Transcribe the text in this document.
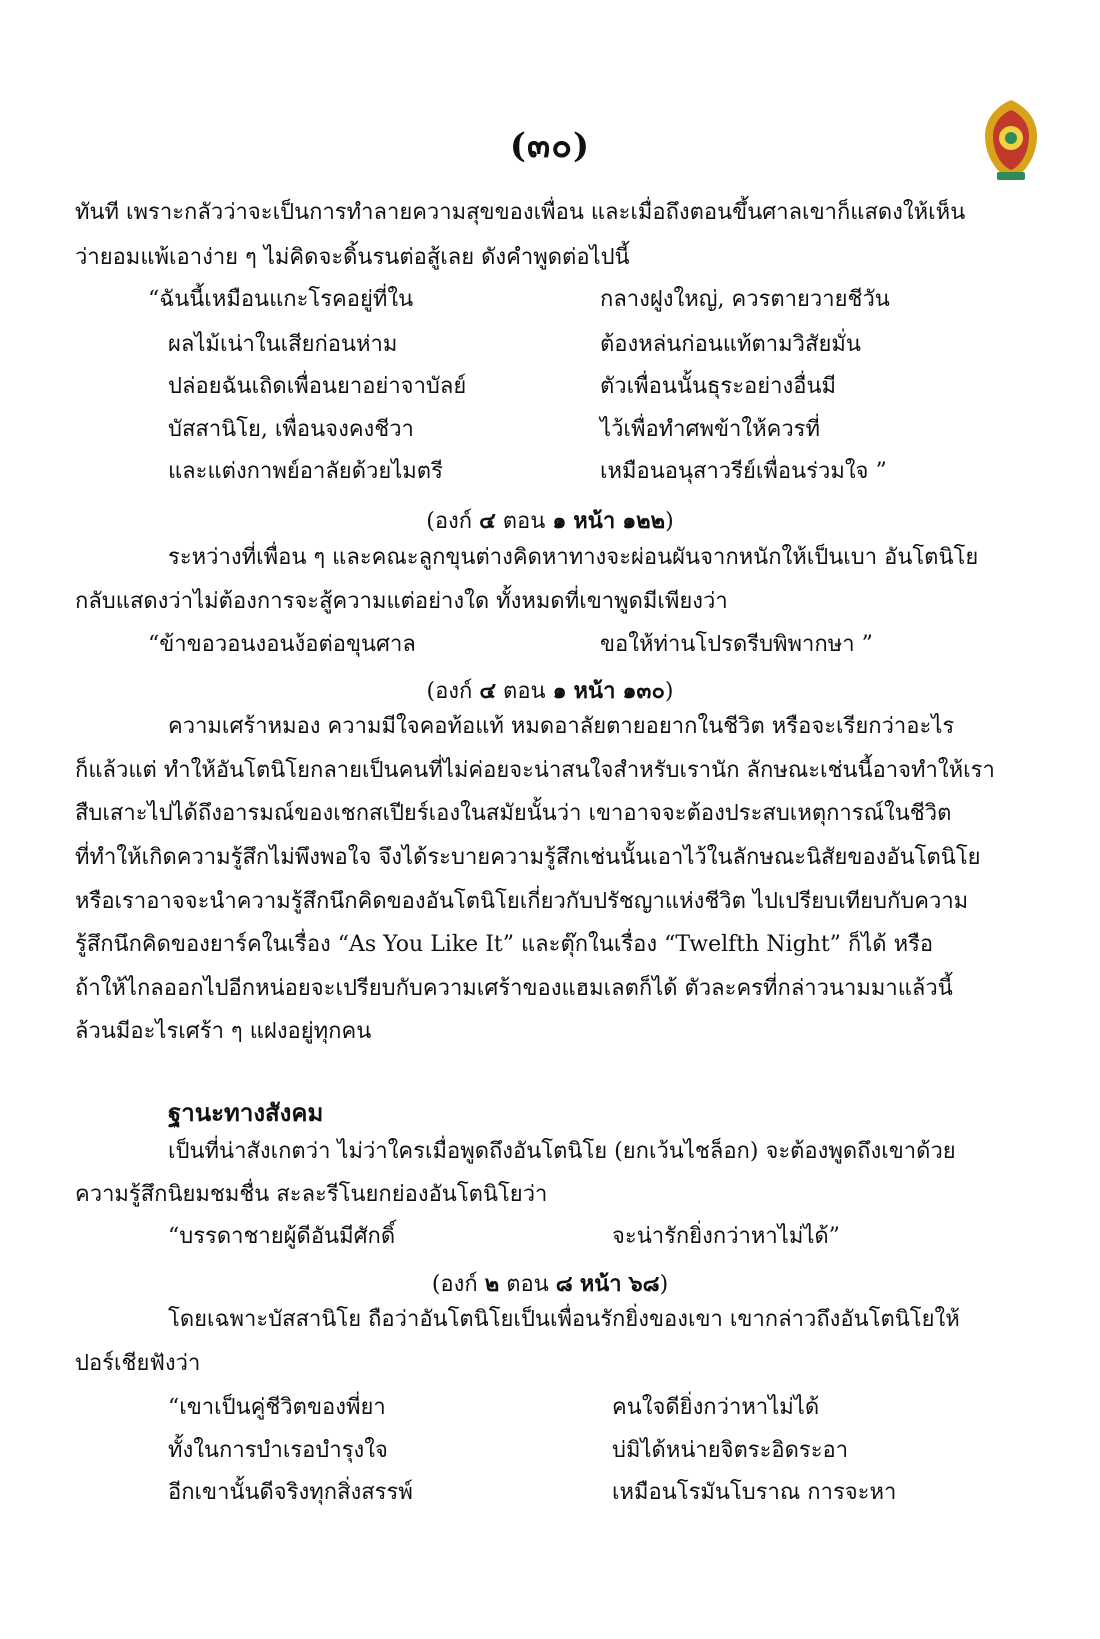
(๓๐)
ทันที เพราะกลัวว่าจะเป็นการทำลายความสุขของเพื่อน และเมื่อถึงตอนขึ้นศาลเขาก็แสดงให้เห็น
ว่ายอมแพ้เอาง่าย ๆ ไม่คิดจะดิ้นรนต่อสู้เลย ดังคำพูดต่อไปนี้
“ฉันนี้เหมือนแกะโรคอยู่ที่ใน	กลางฝูงใหญ่, ควรตายวายชีวัน
ผลไม้เน่าในเสียก่อนห่าม	ต้องหล่นก่อนแท้ตามวิสัยมั่น
ปล่อยฉันเถิดเพื่อนยาอย่าจาบัลย์	ตัวเพื่อนนั้นธุระอย่างอื่นมี
บัสสานิโย, เพื่อนจงคงชีวา	ไว้เพื่อทำศพข้าให้ควรที่
และแต่งกาพย์อาลัยด้วยไมตรี	เหมือนอนุสาวรีย์เพื่อนร่วมใจ ”
(องก์ ๔ ตอน ๑ หน้า ๑๒๒)
ระหว่างที่เพื่อน ๆ และคณะลูกขุนต่างคิดหาทางจะผ่อนผันจากหนักให้เป็นเบา อันโตนิโย
กลับแสดงว่าไม่ต้องการจะสู้ความแต่อย่างใด ทั้งหมดที่เขาพูดมีเพียงว่า
“ข้าขอวอนงอนง้อต่อขุนศาล	ขอให้ท่านโปรดรีบพิพากษา ”
(องก์ ๔ ตอน ๑ หน้า ๑๓๐)
ความเศร้าหมอง ความมีใจคอท้อแท้ หมดอาลัยตายอยากในชีวิต หรือจะเรียกว่าอะไร
ก็แล้วแต่ ทำให้อันโตนิโยกลายเป็นคนที่ไม่ค่อยจะน่าสนใจสำหรับเรานัก ลักษณะเช่นนี้อาจทำให้เรา
สืบเสาะไปได้ถึงอารมณ์ของเชกสเปียร์เองในสมัยนั้นว่า เขาอาจจะต้องประสบเหตุการณ์ในชีวิต
ที่ทำให้เกิดความรู้สึกไม่พึงพอใจ จึงได้ระบายความรู้สึกเช่นนั้นเอาไว้ในลักษณะนิสัยของอันโตนิโย
หรือเราอาจจะนำความรู้สึกนึกคิดของอันโตนิโยเกี่ยวกับปรัชญาแห่งชีวิต ไปเปรียบเทียบกับความ
รู้สึกนึกคิดของยาร์คในเรื่อง “As You Like It” และตุ๊กในเรื่อง “Twelfth Night” ก็ได้ หรือ
ถ้าให้ไกลออกไปอีกหน่อยจะเปรียบกับความเศร้าของแฮมเลตก็ได้ ตัวละครที่กล่าวนามมาแล้วนี้
ล้วนมีอะไรเศร้า ๆ แฝงอยู่ทุกคน
ฐานะทางสังคม
เป็นที่น่าสังเกตว่า ไม่ว่าใครเมื่อพูดถึงอันโตนิโย (ยกเว้นไชล็อก) จะต้องพูดถึงเขาด้วย
ความรู้สึกนิยมชมชื่น สะละรีโนยกย่องอันโตนิโยว่า
“บรรดาชายผู้ดีอันมีศักดิ์	จะน่ารักยิ่งกว่าหาไม่ได้”
(องก์ ๒ ตอน ๘ หน้า ๖๘)
โดยเฉพาะบัสสานิโย ถือว่าอันโตนิโยเป็นเพื่อนรักยิ่งของเขา เขากล่าวถึงอันโตนิโยให้
ปอร์เชียฟังว่า
“เขาเป็นคู่ชีวิตของพี่ยา	คนใจดียิ่งกว่าหาไม่ได้
ทั้งในการบำเรอบำรุงใจ	บ่มิได้หน่ายจิตระอิดระอา
อีกเขานั้นดีจริงทุกสิ่งสรรพ์	เหมือนโรมันโบราณ การจะหา
